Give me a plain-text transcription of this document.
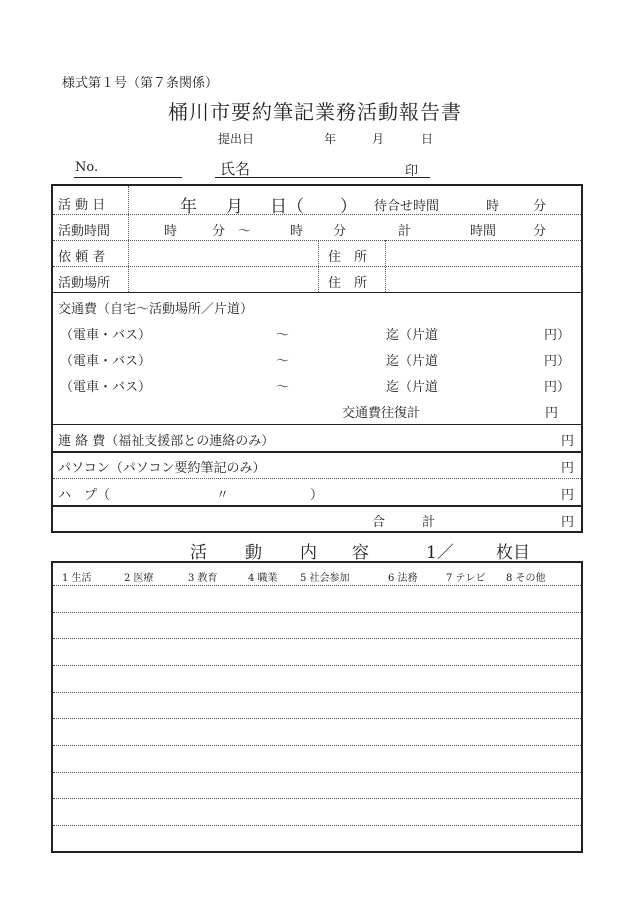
様式第１号（第７条関係）
桶川市要約筆記業務活動報告書
提出日	年	月	日
No.	氏名	印
活 動 日	年 月 日（ ） 待合せ時間	時	分
活動時間	時	分 ～	時 分	計	時間	分
依 頼 者	住　所
活動場所	住　所
交通費（自宅～活動場所／片道）
（電車・バス）	～	迄（片道	円）
（電車・バス）	～	迄（片道	円）
（電車・バス）	～	迄（片道	円）
交通費往復計	円
連 絡 費（福祉支援部との連絡のみ）	円
パソコン（パソコン要約筆記のみ）	円
ハ　プ（	〃	）	円
合	計	円
活 動 内 容	1／ 枚目
1 生活	2 医療	3 教育	4 職業 5 社会参加	6 法務	7 テレビ 8 その他
